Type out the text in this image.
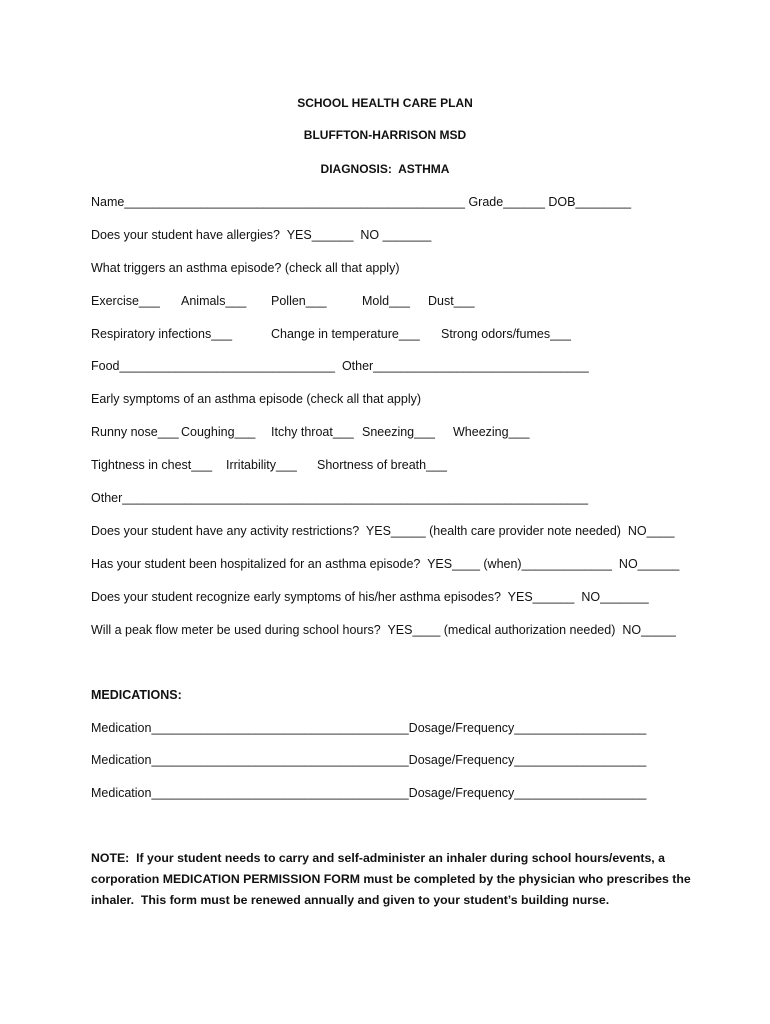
SCHOOL HEALTH CARE PLAN
BLUFFTON-HARRISON MSD
DIAGNOSIS:  ASTHMA
Name_________________________________________________ Grade______ DOB________
Does your student have allergies?  YES______  NO _______
What triggers an asthma episode? (check all that apply)
Exercise___ Animals___ Pollen___	Mold___ Dust___
Respiratory infections___	Change in temperature___ Strong odors/fumes___
Food_______________________________  Other_______________________________
Early symptoms of an asthma episode (check all that apply)
Runny nose___ Coughing___ Itchy throat___ Sneezing___ Wheezing___
Tightness in chest___ Irritability___ Shortness of breath___
Other___________________________________________________________________
Does your student have any activity restrictions?  YES_____ (health care provider note needed)  NO____
Has your student been hospitalized for an asthma episode?  YES____ (when)_____________  NO______
Does your student recognize early symptoms of his/her asthma episodes?  YES______  NO_______
Will a peak flow meter be used during school hours?  YES____ (medical authorization needed)  NO_____
MEDICATIONS:
Medication_____________________________________Dosage/Frequency___________________
Medication_____________________________________Dosage/Frequency___________________
Medication_____________________________________Dosage/Frequency___________________
NOTE:  If your student needs to carry and self-administer an inhaler during school hours/events, a
corporation MEDICATION PERMISSION FORM must be completed by the physician who prescribes the
inhaler.  This form must be renewed annually and given to your student’s building nurse.
